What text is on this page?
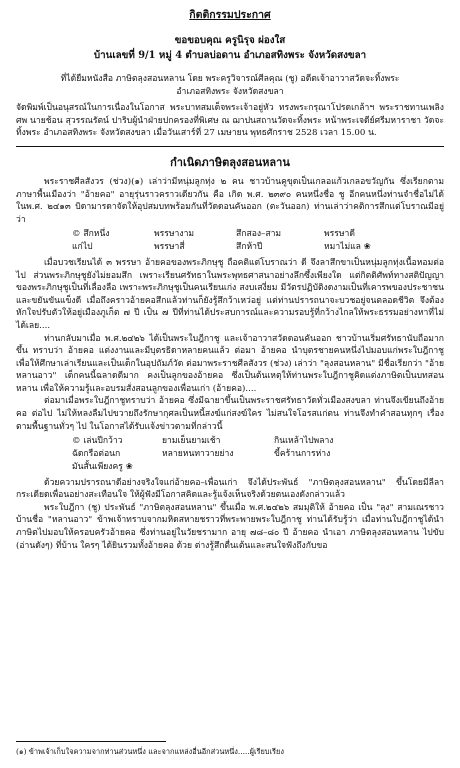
กิตติกรรมประกาศ
ขอขอบคุณ ครูนิรุจ ผ่องใส
บ้านเลขที่ 9/1 หมู่ 4 ตำบลบ่อดาน อำเภอสทิงพระ จังหวัดสงขลา

ที่ได้ยืมหนังสือ ภาษิตลุงสอนหลาน โดย พระครูวิจารณ์ศีลคุณ (ชู) อดีตเจ้าอาวาสวัดจะทิ้งพระ

อำเภอสทิงพระ จังหวัดสงขลา

จัดพิมพ์เป็นอนุสรณ์ในการเนื่องในโอกาส พระบาทสมเด็จพระเจ้าอยู่หัว ทรงพระกรุณาโปรดเกล้าฯ พระราชทานเพลิงศพ นายช้อน สุวรรณรัตน์ ปาริบผู้นำฝ่ายปกครองที่พิเศษ ณ ฌาปนสถานวัดจะทิ้งพระ หน้าพระเจดีย์ศรีมหาราชา วัดจะทิ้งพระ อำเภอสทิงพระ จังหวัดสงขลา เมื่อวันเสาร์ที่ 27 เมษายน พุทธศักราช 2528 เวลา 15.00 น.

กำเนิดภาษิตลุงสอนหลาน

พระราชศีลสังวร (ช่วง)(๑) เล่าว่ามีหนุ่มลูกทุ่ง ๒ คน ชาวบ้านคูขุดเป็นเกลอแก้วเกลอขวัญกัน ซึ่งเรียกตามภาษาพื้นเมืองว่า "อ้ายคอ" อายุรุ่นราวคราวเดียวกัน คือ เกิด พ.ศ. ๒๓๙๐ คนหนึ่งชื่อ ชู อีกคนหนึ่งท่านจำชื่อไม่ได้ ในพ.ศ. ๒๔๑๓ บิดามารดาจัดให้อุปสมบทพร้อมกันที่วัดดอนคันออก (ตะวันออก) ท่านเล่าว่าคติการสึกแต่โบราณมีอยู่ว่า

© สึกหนึ่ง	พรรษางาม	สึกสอง–สาม	พรรษาดี
แก่ไป	พรรษาสี่	สึกห้าปี	หมาไม่แล ❀

เมื่อบวชเรียนได้ ๓ พรรษา อ้ายคอของพระภิกษุชู ถือคติแต่โบราณว่า ดี จึงลาสึกขาเป็นหนุ่มลูกทุ่งเนื้อหอมต่อไป ส่วนพระภิกษุชูยังไม่ยอมสึก เพราะเรียนศรัทธาในพระพุทธศาสนาอย่างลึกซึ้งเพียงใด แต่กิตติศัพท์ทางสติปัญญาของพระภิกษุชูเป็นที่เลื่องลือ เพราะพระภิกษุชูเป็นคนเรียนเก่ง สงบเสงี่ยม มีวัตรปฏิบัติงดงามเป็นที่เคารพของประชาชน และขยันขันแข็งดี เมื่อถึงคราวอ้ายคอสึกแล้วท่านก็ยังรู้สึกว้าเหว่อยู่ แต่ท่านปรารถนาจะบวชอยู่จนตลอดชีวิต จึงต้องหักใจปรับตัวให้อยู่เมืองภูเก็ต ๗ ปี เป็น ๗ ปีที่ท่านได้ประสบการณ์และความรอบรู้ที่กว้างไกลให้พระธรรมอย่างหาที่ไม่ได้เลย....

ท่านกลับมาเมื่อ พ.ศ.๒๔๒๖ ได้เป็นพระใบฎีกาชู และเจ้าอาวาสวัดดอนคันออก ชาวบ้านเริ่มศรัทธานับถือมากขึ้น ทราบว่า อ้ายคอ แต่งงานและมีบุตรธิดาหลายคนแล้ว ต่อมา อ้ายคอ นำบุตรชายคนหนึ่งไปมอบแก่พระใบฎีกาชู เพื่อให้ศึกษาเล่าเรียนและเป็นเด็กในอุปถัมภ์วัด ต่อมาพระราชศีลสังวร (ช่วง) เล่าว่า "ลุงสอนหลาน" มีชื่อเรียกว่า "อ้ายหลานอาว" เด็กคนนี้ฉลาดดีมาก คงเป็นลูกของอ้ายคอ ซึ่งเป็นต้นเหตุให้ท่านพระใบฎีกาชูคิดแต่งภาษิตเป็นบทสอนหลาน เพื่อให้ความรู้และอบรมสั่งสอนลูกของเพื่อนเก่า (อ้ายคอ)....

ต่อมาเมื่อพระใบฎีกาชูทราบว่า อ้ายคอ ซึ่งมีฉายาขึ้นเป็นพระราชศรัทธาวัดทั่วเมืองสงขลา ท่านจึงเขียนถึงอ้ายคอ ต่อไป ไม่ให้หลงลืมไปขวายถึงรักษากุศลเป็นหนี้สงฆ์แก่สงฆ์ใคร ไม่สนใจโอรสแก่ตน ท่านจึงทำคำสอนทุกๆ เรื่องตามพื้นฐานทั่วๆ ไป ในโอกาสได้รับแจ้งข่าวตามที่กล่าวนี้

© เล่นปีกว้าว	ยามเย็นยามเช้า	กินเหล้าไปพลาง
ฉัดกรือต่อนก	หลายหนทาวายย่าง	ขี้คร้านการห่าง
มันสั้นเพียงครู ❀

ด้วยความปรารถนาดีอย่างจริงใจแก่อ้ายคอ–เพื่อนเก่า จึงได้ประพันธ์ "ภาษิตลุงสอนหลาน" ขึ้นโดยมีลีลากระเดียดเพื่อนอย่างสะเทือนใจ ให้ผู้ฟังมีโอกาสคิดและรู้แจ้งเห็นจริงด้วยตนเองดังกล่าวแล้ว

พระใบฎีกา (ชู) ประพันธ์ "ภาษิตลุงสอนหลาน" ขึ้นเมื่อ พ.ศ.๒๔๒๖ สมมุติให้ อ้ายคอ เป็น "ลุง" สามเณรชาวบ้านชื่อ "หลานอาว" ข้าพเจ้าทราบจากมหิดสหายชราวที่พระพายพระใบฎีกาชู ท่านได้รับรู้ว่า เมื่อท่านใบฎีกาชูได้นำภาษิตไปมอบให้ครอบครัวอ้ายคอ ซึ่งท่านอยู่ในวัยชรามาก อายุ ๗๘–๘๐ ปี อ้ายคอ นำเอา ภาษิตลุงสอนหลาน ไปขับ (อ่านดังๆ) ที่บ้าน ใครๆ ได้ยินรวมทั้งอ้ายคอ ด้วย ต่างรู้สึกตื่นเต้นและสนใจฟังถึงกับขอ

(๑) ข้าพเจ้าเก็บใจความจากท่านส่วนหนึ่ง และจากแหล่งอื่นอีกส่วนหนึ่ง.....ผู้เรียบเรียง
